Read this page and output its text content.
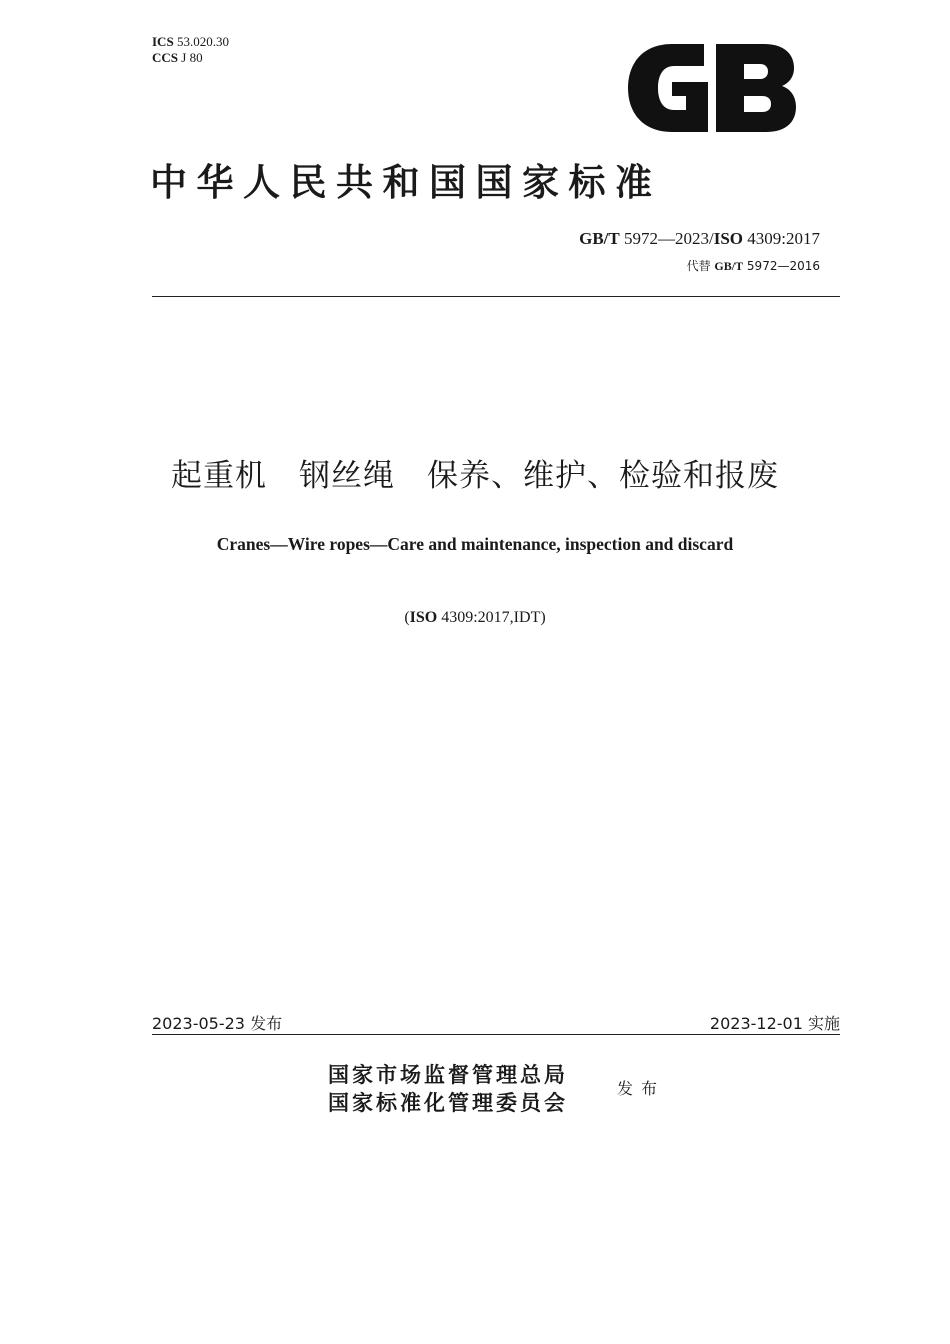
ICS 53.020.30
CCS J 80
中华人民共和国国家标准
GB/T 5972—2023/ISO 4309:2017
代替 GB/T 5972—2016
起重机　钢丝绳　保养、维护、检验和报废
Cranes—Wire ropes—Care and maintenance, inspection and discard
(ISO 4309:2017,IDT)
2023-05-23 发布	2023-12-01 实施
国家市场监督管理总局
国家标准化管理委员会
发布
